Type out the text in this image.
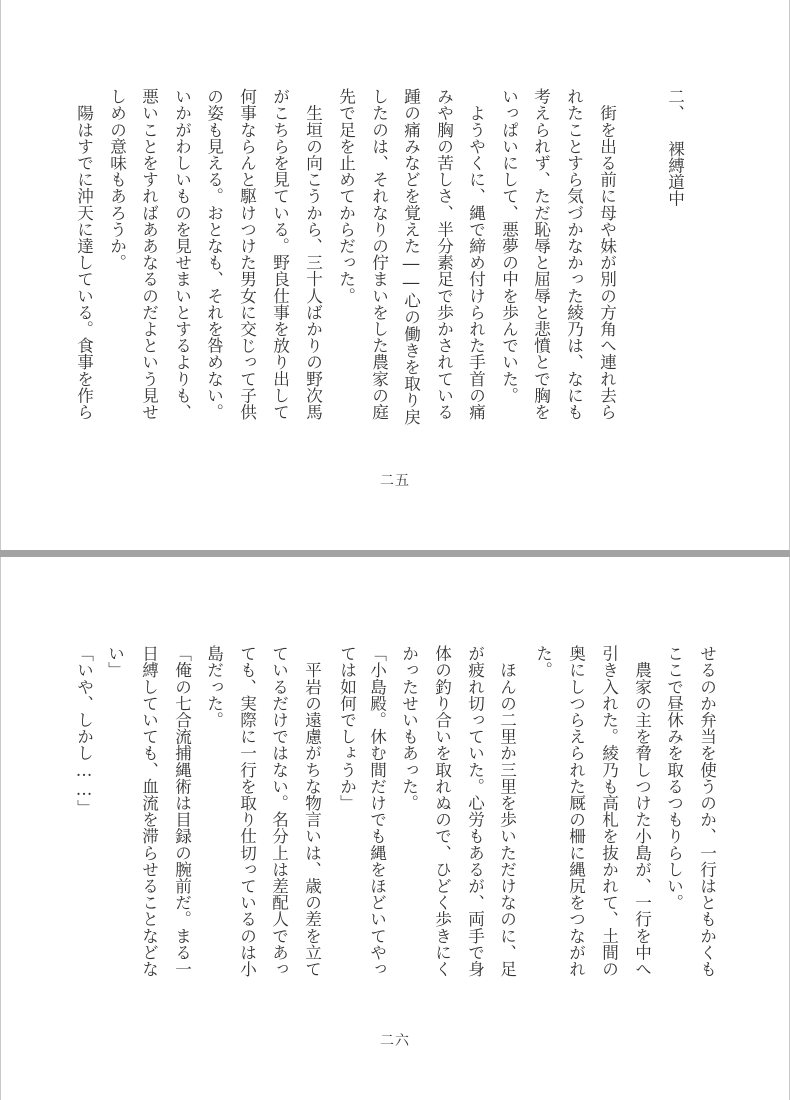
二、 裸縛道中
　街を出る前に母や妹が別の方角へ連れ去ら
れたことすら気づかなかった綾乃は、なにも
考えられず、ただ恥辱と屈辱と悲憤とで胸を
いっぱいにして、悪夢の中を歩んでいた。
　ようやくに、縄で締め付けられた手首の痛
みや胸の苦しさ、半分素足で歩かされている
踵の痛みなどを覚えた――心の働きを取り戻
したのは、それなりの佇まいをした農家の庭
先で足を止めてからだった。
　生垣の向こうから、三十人ばかりの野次馬
がこちらを見ている。野良仕事を放り出して
何事ならんと駆けつけた男女に交じって子供
の姿も見える。おとなも、それを咎めない。
いかがわしいものを見せまいとするよりも、
悪いことをすればああなるのだよという見せ
しめの意味もあろうか。
　陽はすでに沖天に達している。食事を作ら
二五
せるのか弁当を使うのか、一行はともかくも
ここで昼休みを取るつもりらしい。
　農家の主を脅しつけた小島が、一行を中へ
引き入れた。綾乃も高札を抜かれて、土間の
奥にしつらえられた厩の柵に縄尻をつながれ
た。
　ほんの二里か三里を歩いただけなのに、足
が疲れ切っていた。心労もあるが、両手で身
体の釣り合いを取れぬので、ひどく歩きにく
かったせいもあった。
「小島殿。休む間だけでも縄をほどいてやっ
ては如何でしょうか」
　平岩の遠慮がちな物言いは、歳の差を立て
ているだけではない。名分上は差配人であっ
ても、実際に一行を取り仕切っているのは小
島だった。
「俺の七合流捕縄術は目録の腕前だ。まる一
日縛していても、血流を滞らせることなどな
い」
「いや、しかし……」
二六
